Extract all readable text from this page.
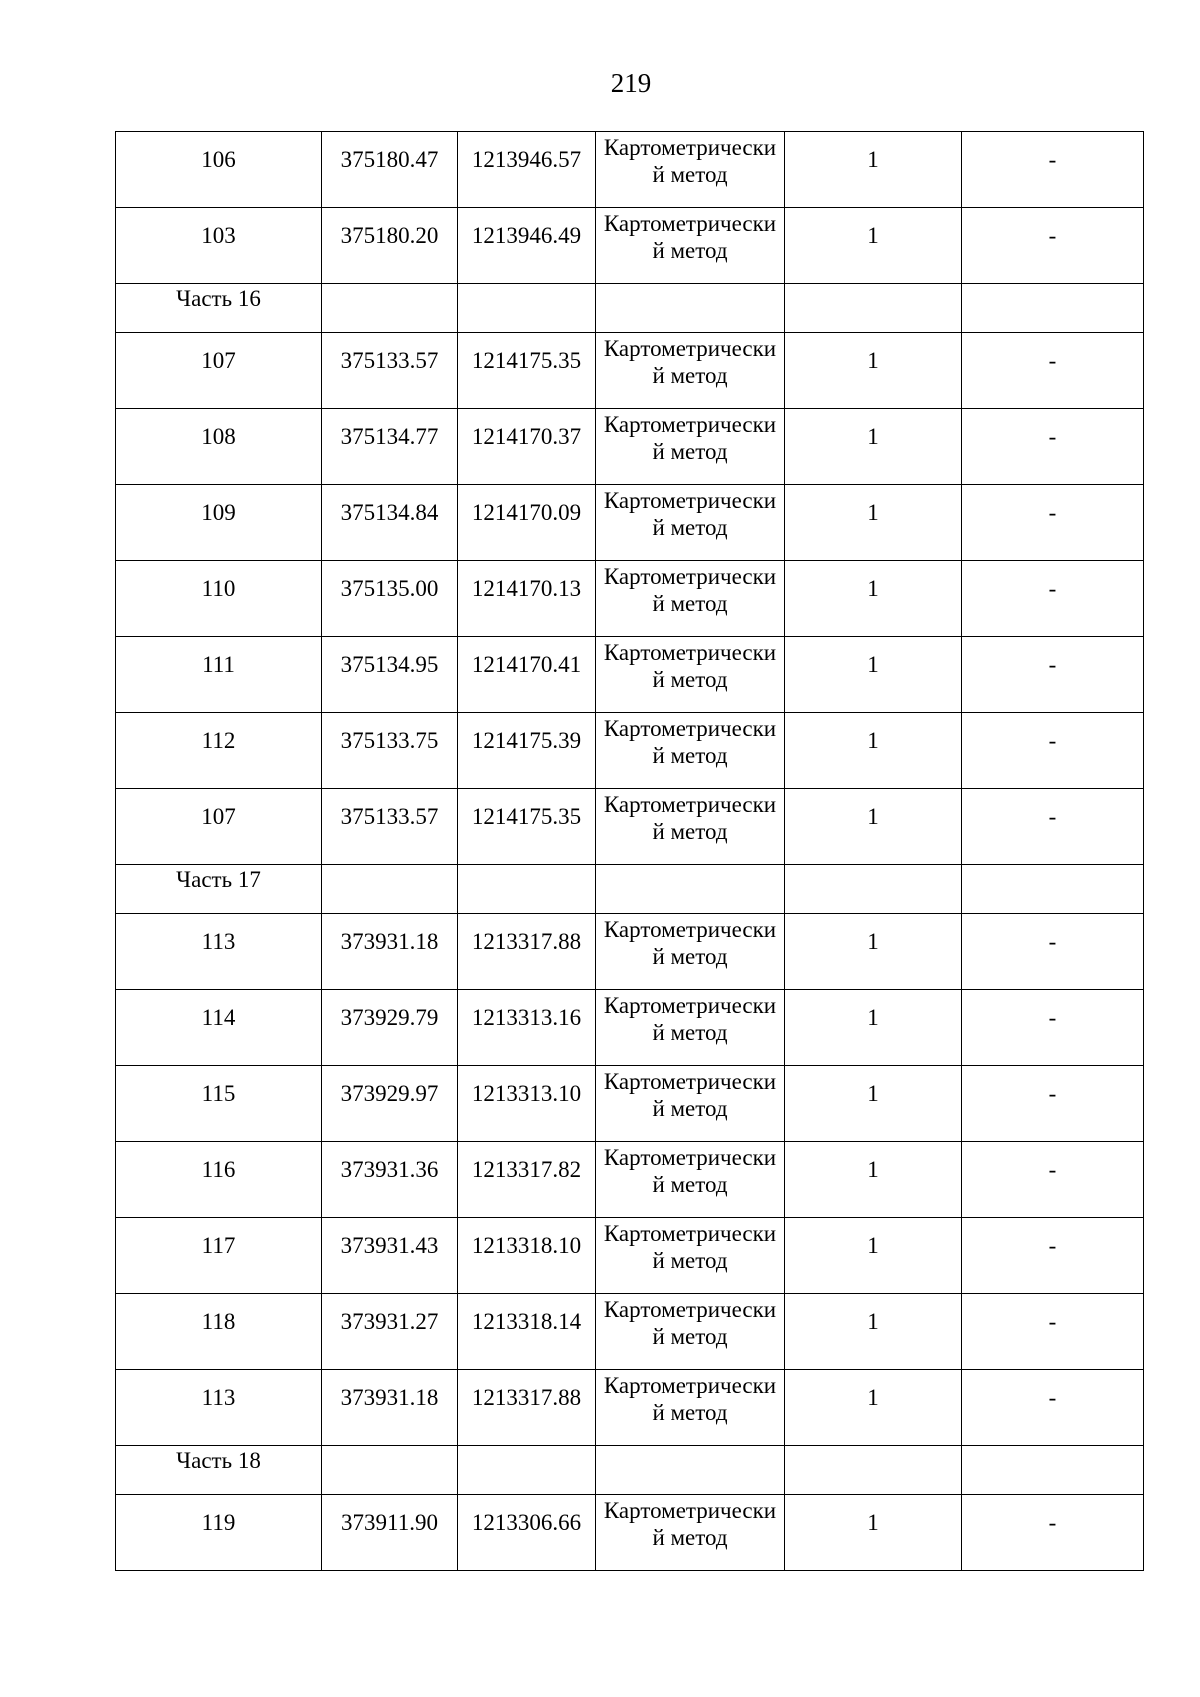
219
106	375180.47	1213946.57	Картометрически й метод	1	-
103	375180.20	1213946.49	Картометрически й метод	1	-
Часть 16					
107	375133.57	1214175.35	Картометрически й метод	1	-
108	375134.77	1214170.37	Картометрически й метод	1	-
109	375134.84	1214170.09	Картометрически й метод	1	-
110	375135.00	1214170.13	Картометрически й метод	1	-
111	375134.95	1214170.41	Картометрически й метод	1	-
112	375133.75	1214175.39	Картометрически й метод	1	-
107	375133.57	1214175.35	Картометрически й метод	1	-
Часть 17					
113	373931.18	1213317.88	Картометрически й метод	1	-
114	373929.79	1213313.16	Картометрически й метод	1	-
115	373929.97	1213313.10	Картометрически й метод	1	-
116	373931.36	1213317.82	Картометрически й метод	1	-
117	373931.43	1213318.10	Картометрически й метод	1	-
118	373931.27	1213318.14	Картометрически й метод	1	-
113	373931.18	1213317.88	Картометрически й метод	1	-
Часть 18					
119	373911.90	1213306.66	Картометрически й метод	1	-
